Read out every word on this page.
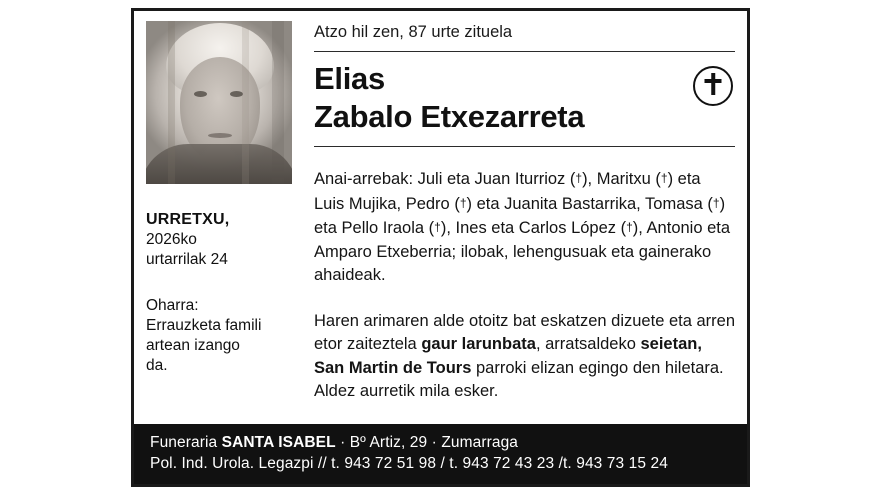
URRETXU,
2026ko
urtarrilak 24
Oharra:
Errauzketa famili
artean izango
da.
Atzo hil zen, 87 urte zituela
Elias
Zabalo Etxezarreta
Anai-arrebak: Juli eta Juan Iturrioz (†), Maritxu (†) eta Luis Mujika, Pedro (†) eta Juanita Bastarrika, Tomasa (†) eta Pello Iraola (†), Ines eta Carlos López (†), Antonio eta Amparo Etxeberria; ilobak, lehengusuak eta gainerako ahaideak.
Haren arimaren alde otoitz bat eskatzen dizuete eta arren etor zaiteztela gaur larunbata, arratsaldeko seietan, San Martin de Tours parroki elizan egingo den hiletara. Aldez aurretik mila esker.
Funeraria SANTA ISABEL · Bº Artiz, 29 · Zumarraga
Pol. Ind. Urola. Legazpi // t. 943 72 51 98 / t. 943 72 43 23 /t. 943 73 15 24
